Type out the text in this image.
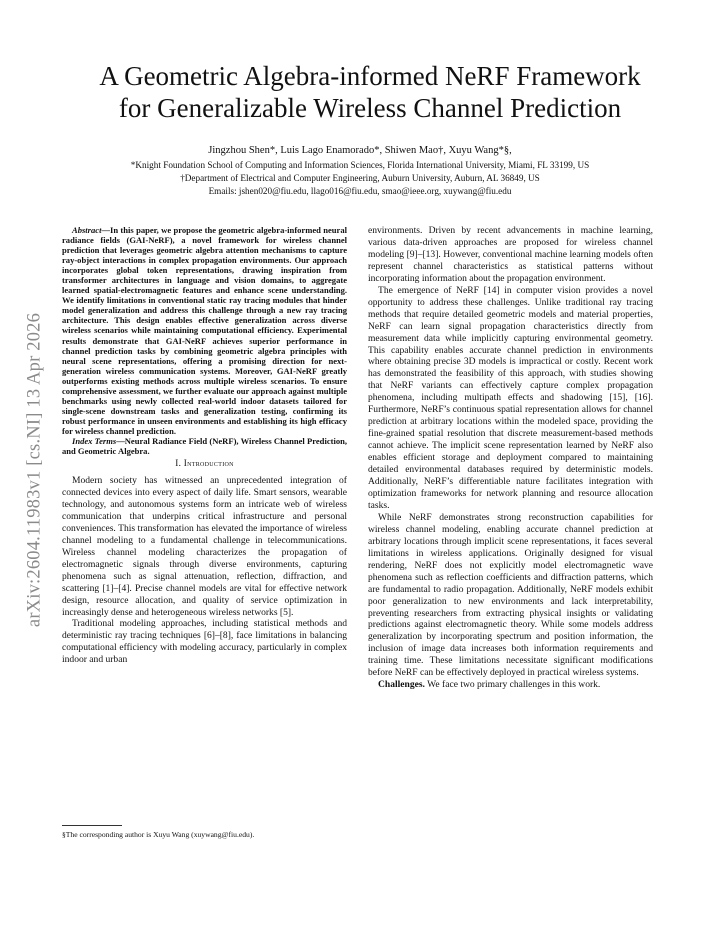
arXiv:2604.11983v1 [cs.NI] 13 Apr 2026
A Geometric Algebra-informed NeRF Framework
for Generalizable Wireless Channel Prediction
Jingzhou Shen*, Luis Lago Enamorado*, Shiwen Mao†, Xuyu Wang*§,
*Knight Foundation School of Computing and Information Sciences, Florida International University, Miami, FL 33199, US
†Department of Electrical and Computer Engineering, Auburn University, Auburn, AL 36849, US
Emails: jshen020@fiu.edu, llago016@fiu.edu, smao@ieee.org, xuywang@fiu.edu

Abstract—In this paper, we propose the geometric algebra-informed neural radiance fields (GAI-NeRF), a novel framework for wireless channel prediction that leverages geometric algebra attention mechanisms to capture ray-object interactions in complex propagation environments. Our approach incorporates global token representations, drawing inspiration from transformer architectures in language and vision domains, to aggregate learned spatial-electromagnetic features and enhance scene understanding. We identify limitations in conventional static ray tracing modules that hinder model generalization and address this challenge through a new ray tracing architecture. This design enables effective generalization across diverse wireless scenarios while maintaining computational efficiency. Experimental results demonstrate that GAI-NeRF achieves superior performance in channel prediction tasks by combining geometric algebra principles with neural scene representations, offering a promising direction for next-generation wireless communication systems. Moreover, GAI-NeRF greatly outperforms existing methods across multiple wireless scenarios. To ensure comprehensive assessment, we further evaluate our approach against multiple benchmarks using newly collected real-world indoor datasets tailored for single-scene downstream tasks and generalization testing, confirming its robust performance in unseen environments and establishing its high efficacy for wireless channel prediction.

Index Terms—Neural Radiance Field (NeRF), Wireless Channel Prediction, and Geometric Algebra.

I. Introduction

Modern society has witnessed an unprecedented integration of connected devices into every aspect of daily life. Smart sensors, wearable technology, and autonomous systems form an intricate web of wireless communication that underpins critical infrastructure and personal conveniences. This transformation has elevated the importance of wireless channel modeling to a fundamental challenge in telecommunications. Wireless channel modeling characterizes the propagation of electromagnetic signals through diverse environments, capturing phenomena such as signal attenuation, reflection, diffraction, and scattering [1]–[4]. Precise channel models are vital for effective network design, resource allocation, and quality of service optimization in increasingly dense and heterogeneous wireless networks [5].

Traditional modeling approaches, including statistical methods and deterministic ray tracing techniques [6]–[8], face limitations in balancing computational efficiency with modeling accuracy, particularly in complex indoor and urban

§The corresponding author is Xuyu Wang (xuywang@fiu.edu).

environments. Driven by recent advancements in machine learning, various data-driven approaches are proposed for wireless channel modeling [9]–[13]. However, conventional machine learning models often represent channel characteristics as statistical patterns without incorporating information about the propagation environment.

The emergence of NeRF [14] in computer vision provides a novel opportunity to address these challenges. Unlike traditional ray tracing methods that require detailed geometric models and material properties, NeRF can learn signal propagation characteristics directly from measurement data while implicitly capturing environmental geometry. This capability enables accurate channel prediction in environments where obtaining precise 3D models is impractical or costly. Recent work has demonstrated the feasibility of this approach, with studies showing that NeRF variants can effectively capture complex propagation phenomena, including multipath effects and shadowing [15], [16]. Furthermore, NeRF’s continuous spatial representation allows for channel prediction at arbitrary locations within the modeled space, providing the fine-grained spatial resolution that discrete measurement-based methods cannot achieve. The implicit scene representation learned by NeRF also enables efficient storage and deployment compared to maintaining detailed environmental databases required by deterministic models. Additionally, NeRF’s differentiable nature facilitates integration with optimization frameworks for network planning and resource allocation tasks.

While NeRF demonstrates strong reconstruction capabilities for wireless channel modeling, enabling accurate channel prediction at arbitrary locations through implicit scene representations, it faces several limitations in wireless applications. Originally designed for visual rendering, NeRF does not explicitly model electromagnetic wave phenomena such as reflection coefficients and diffraction patterns, which are fundamental to radio propagation. Additionally, NeRF models exhibit poor generalization to new environments and lack interpretability, preventing researchers from extracting physical insights or validating predictions against electromagnetic theory. While some models address generalization by incorporating spectrum and position information, the inclusion of image data increases both information requirements and training time. These limitations necessitate significant modifications before NeRF can be effectively deployed in practical wireless systems.

Challenges. We face two primary challenges in this work.
